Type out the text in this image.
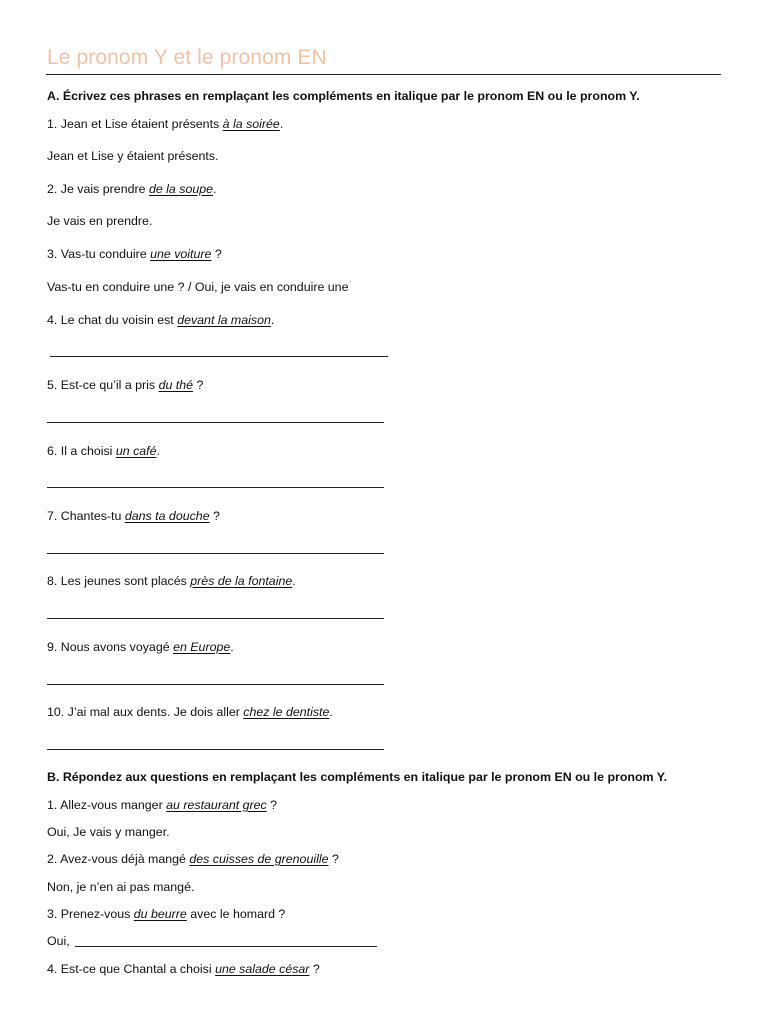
Le pronom Y et le pronom EN
A. Écrivez ces phrases en remplaçant les compléments en italique par le pronom EN ou le pronom Y.
1. Jean et Lise étaient présents à la soirée.
Jean et Lise y étaient présents.
2. Je vais prendre de la soupe.
Je vais en prendre.
3. Vas-tu conduire une voiture ?
Vas-tu en conduire une ? / Oui, je vais en conduire une
4. Le chat du voisin est devant la maison.
5. Est-ce qu’il a pris du thé ?
6. Il a choisi un café.
7. Chantes-tu dans ta douche ?
8. Les jeunes sont placés près de la fontaine.
9. Nous avons voyagé en Europe.
10. J’ai mal aux dents. Je dois aller chez le dentiste.
B. Répondez aux questions en remplaçant les compléments en italique par le pronom EN ou le pronom Y.
1. Allez-vous manger au restaurant grec ?
Oui, Je vais y manger.
2. Avez-vous déjà mangé des cuisses de grenouille ?
Non, je n’en ai pas mangé.
3. Prenez-vous du beurre avec le homard ?
Oui,
4. Est-ce que Chantal a choisi une salade césar ?
